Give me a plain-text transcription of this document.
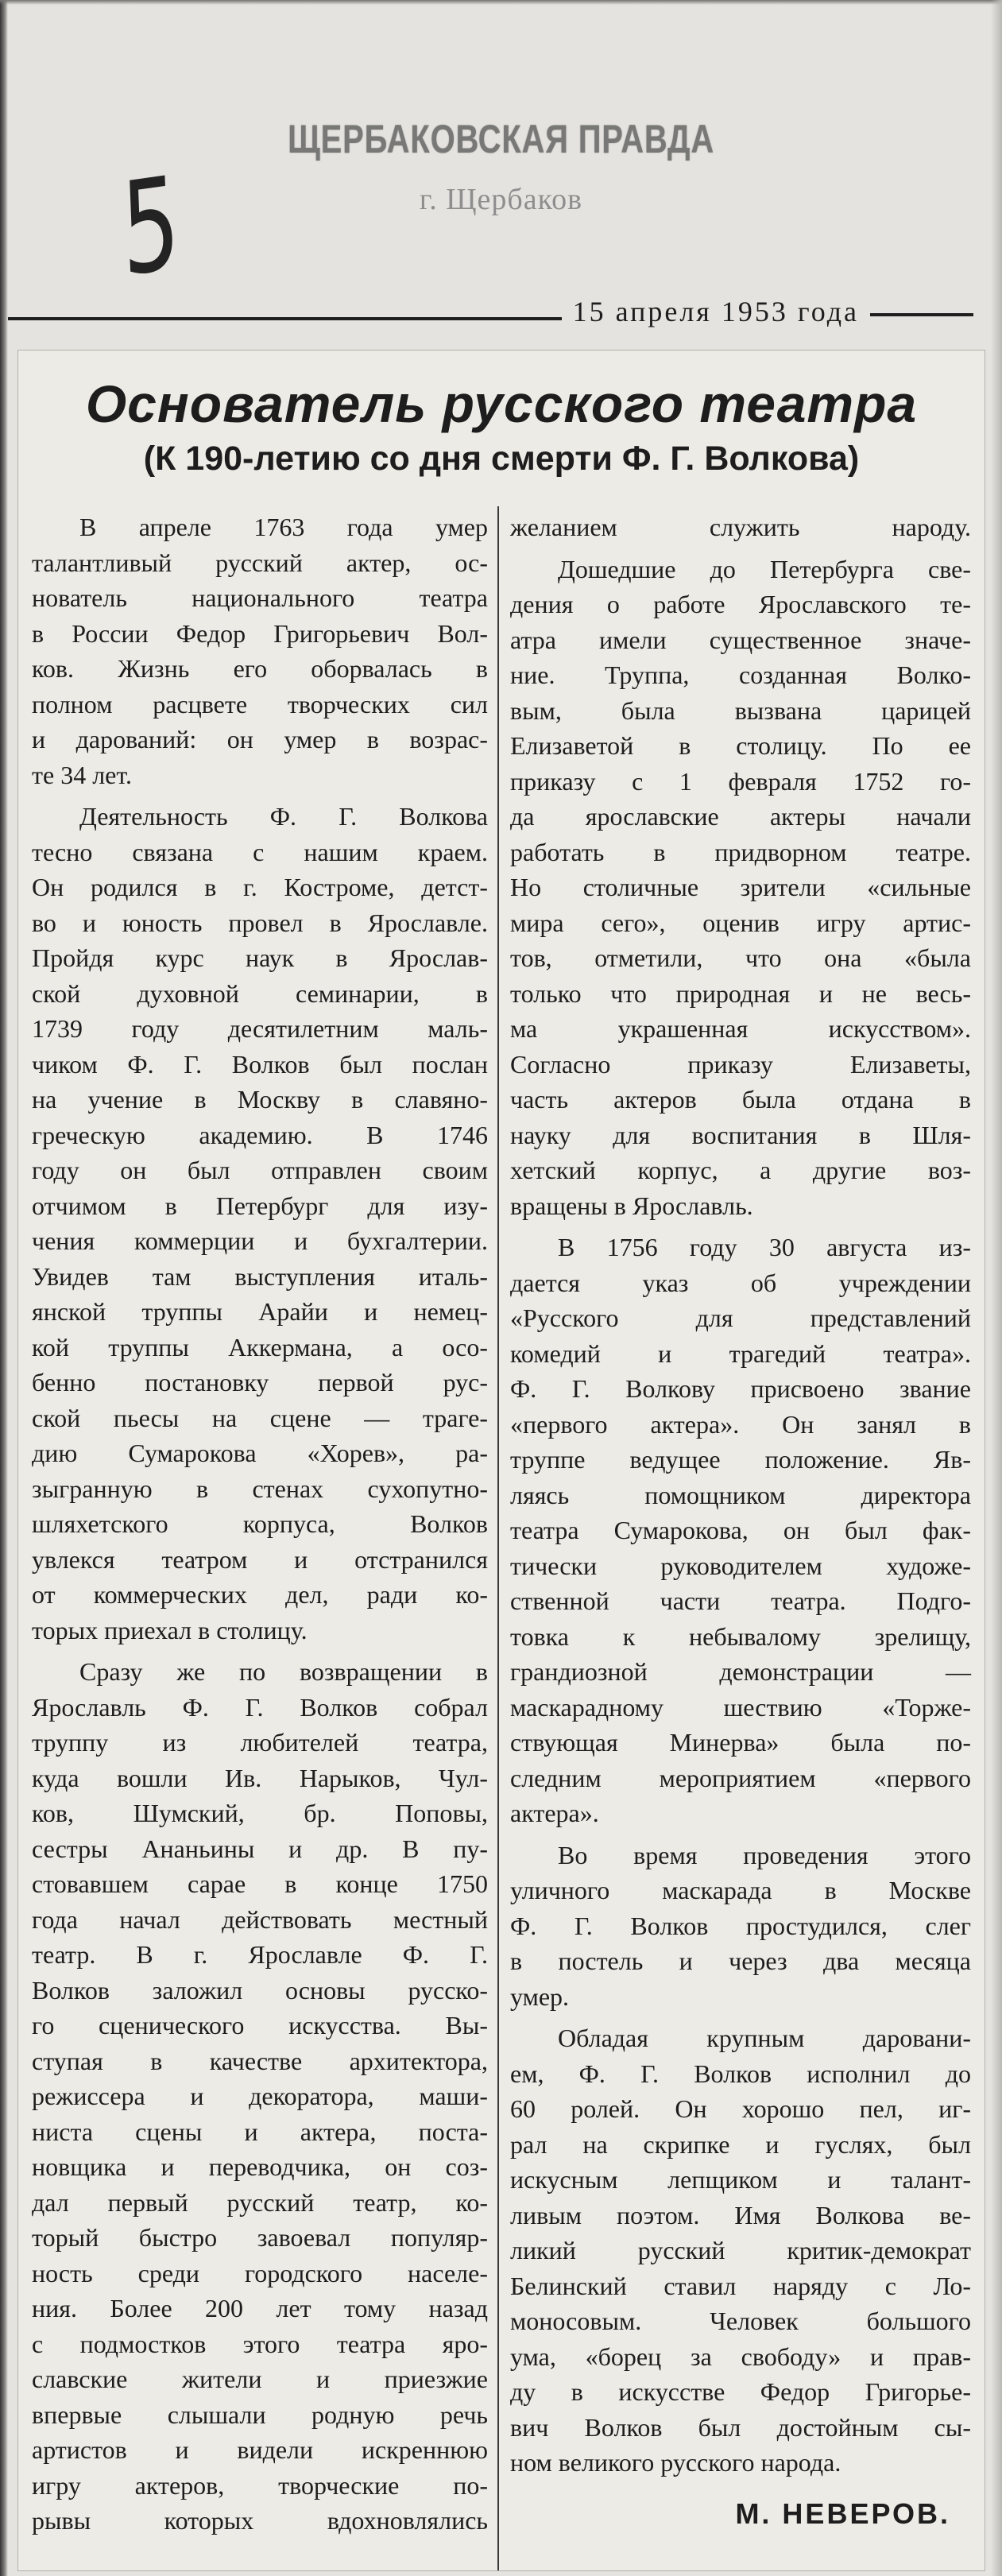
ЩЕРБАКОВСКАЯ ПРАВДА
г. Щербаков
5
15 апреля 1953 года
Основатель русского театра
(К 190-летию со дня смерти Ф. Г. Волкова)
В апреле 1763 года умер
талантливый русский актер, ос-
нователь национального театра
в России Федор Григорьевич Вол-
ков. Жизнь его оборвалась в
полном расцвете творческих сил
и дарований: он умер в возрас-
те 34 лет.
Деятельность Ф. Г. Волкова
тесно связана с нашим краем.
Он родился в г. Костроме, детст-
во и юность провел в Ярославле.
Пройдя курс наук в Ярослав-
ской духовной семинарии, в
1739 году десятилетним маль-
чиком Ф. Г. Волков был послан
на учение в Москву в славяно-
греческую академию. В 1746
году он был отправлен своим
отчимом в Петербург для изу-
чения коммерции и бухгалтерии.
Увидев там выступления италь-
янской труппы Арайи и немец-
кой труппы Аккермана, а осо-
бенно постановку первой рус-
ской пьесы на сцене — траге-
дию Сумарокова «Хорев», ра-
зыгранную в стенах сухопутно-
шляхетского корпуса, Волков
увлекся театром и отстранился
от коммерческих дел, ради ко-
торых приехал в столицу.
Сразу же по возвращении в
Ярославль Ф. Г. Волков собрал
труппу из любителей театра,
куда вошли Ив. Нарыков, Чул-
ков, Шумский, бр. Поповы,
сестры Ананьины и др. В пу-
стовавшем сарае в конце 1750
года начал действовать местный
театр. В г. Ярославле Ф. Г.
Волков заложил основы русско-
го сценического искусства. Вы-
ступая в качестве архитектора,
режиссера и декоратора, маши-
ниста сцены и актера, поста-
новщика и переводчика, он соз-
дал первый русский театр, ко-
торый быстро завоевал популяр-
ность среди городского населе-
ния. Более 200 лет тому назад
с подмостков этого театра яро-
славские жители и приезжие
впервые слышали родную речь
артистов и видели искреннюю
игру актеров, творческие по-
рывы которых вдохновлялись
желанием служить народу.
Дошедшие до Петербурга све-
дения о работе Ярославского те-
атра имели существенное значе-
ние. Труппа, созданная Волко-
вым, была вызвана царицей
Елизаветой в столицу. По ее
приказу с 1 февраля 1752 го-
да ярославские актеры начали
работать в придворном театре.
Но столичные зрители «сильные
мира сего», оценив игру артис-
тов, отметили, что она «была
только что природная и не весь-
ма украшенная искусством».
Согласно приказу Елизаветы,
часть актеров была отдана в
науку для воспитания в Шля-
хетский корпус, а другие воз-
вращены в Ярославль.
В 1756 году 30 августа из-
дается указ об учреждении
«Русского для представлений
комедий и трагедий театра».
Ф. Г. Волкову присвоено звание
«первого актера». Он занял в
труппе ведущее положение. Яв-
ляясь помощником директора
театра Сумарокова, он был фак-
тически руководителем художе-
ственной части театра. Подго-
товка к небывалому зрелищу,
грандиозной демонстрации —
маскарадному шествию «Торже-
ствующая Минерва» была по-
следним мероприятием «первого
актера».
Во время проведения этого
уличного маскарада в Москве
Ф. Г. Волков простудился, слег
в постель и через два месяца
умер.
Обладая крупным даровани-
ем, Ф. Г. Волков исполнил до
60 ролей. Он хорошо пел, иг-
рал на скрипке и гуслях, был
искусным лепщиком и талант-
ливым поэтом. Имя Волкова ве-
ликий русский критик-демократ
Белинский ставил наряду с Ло-
моносовым. Человек большого
ума, «борец за свободу» и прав-
ду в искусстве Федор Григорье-
вич Волков был достойным сы-
ном великого русского народа.
М. НЕВЕРОВ.
